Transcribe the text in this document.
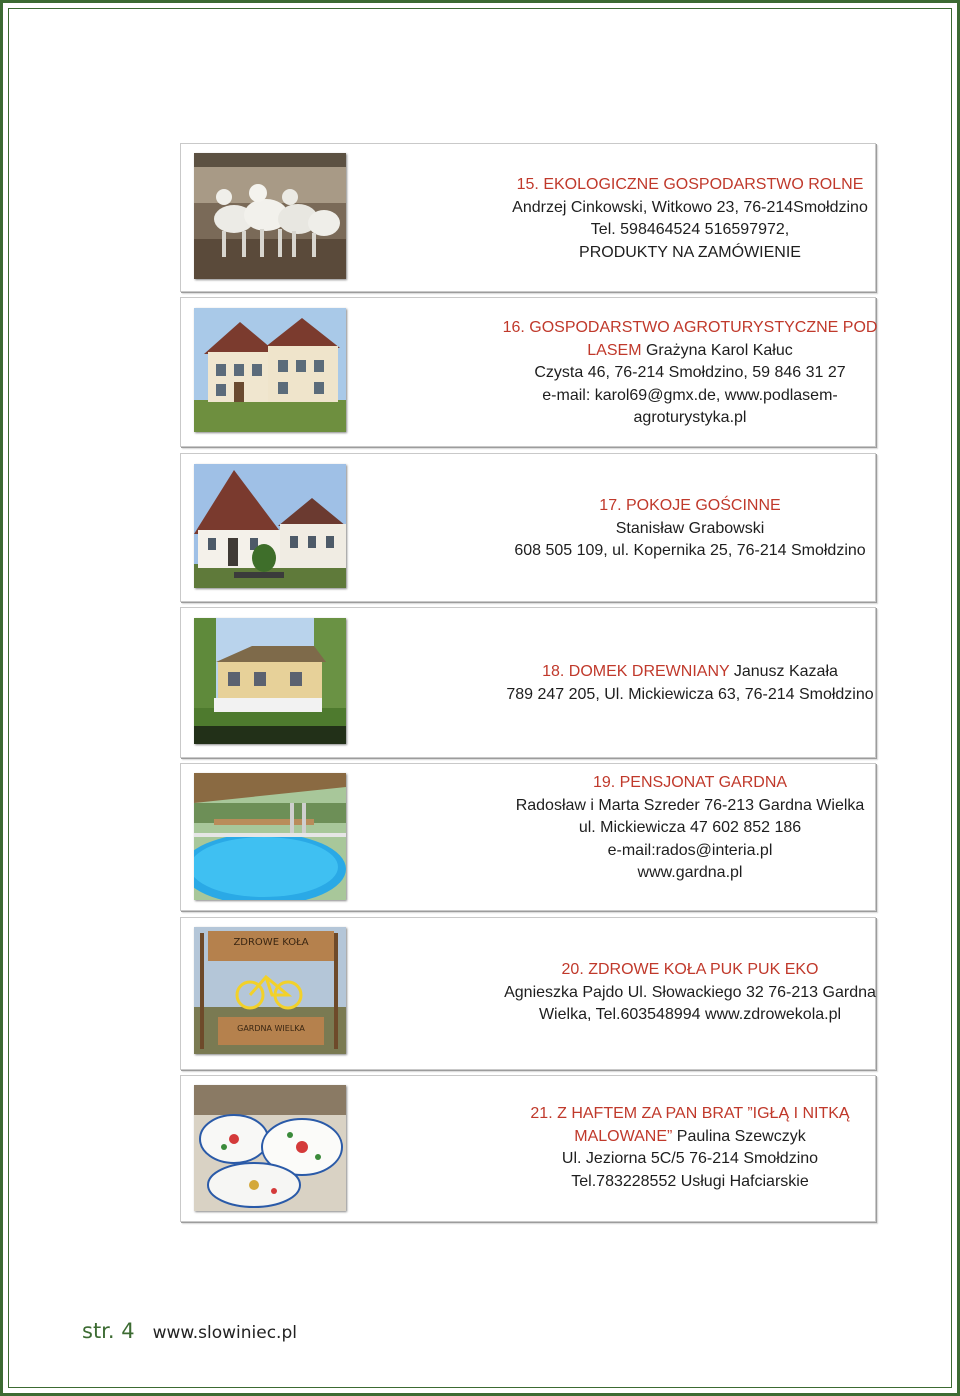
15. EKOLOGICZNE GOSPODARSTWO ROLNE
Andrzej Cinkowski, Witkowo 23, 76-214Smołdzino
Tel. 598464524 516597972,
PRODUKTY NA ZAMÓWIENIE
16. GOSPODARSTWO AGROTURYSTYCZNE POD
LASEM Grażyna Karol Kałuc
Czysta 46, 76-214 Smołdzino, 59 846 31 27
e-mail: karol69@gmx.de, www.podlasem-
agroturystyka.pl
17. POKOJE GOŚCINNE
Stanisław Grabowski
608 505 109, ul. Kopernika 25, 76-214 Smołdzino
18. DOMEK DREWNIANY Janusz Kazała
789 247 205, Ul. Mickiewicza 63, 76-214 Smołdzino
19. PENSJONAT GARDNA
Radosław i Marta Szreder 76-213 Gardna Wielka
ul. Mickiewicza 47 602 852 186
e-mail:rados@interia.pl
www.gardna.pl
ZDROWE KOŁA
GARDNA WIELKA
20. ZDROWE KOŁA PUK PUK EKO
Agnieszka Pajdo Ul. Słowackiego 32 76-213 Gardna
Wielka, Tel.603548994 www.zdrowekola.pl
21. Z HAFTEM ZA PAN BRAT ”IGŁĄ I NITKĄ
MALOWANE” Paulina Szewczyk
Ul. Jeziorna 5C/5 76-214 Smołdzino
Tel.783228552 Usługi Hafciarskie
str. 4 www.slowiniec.pl
